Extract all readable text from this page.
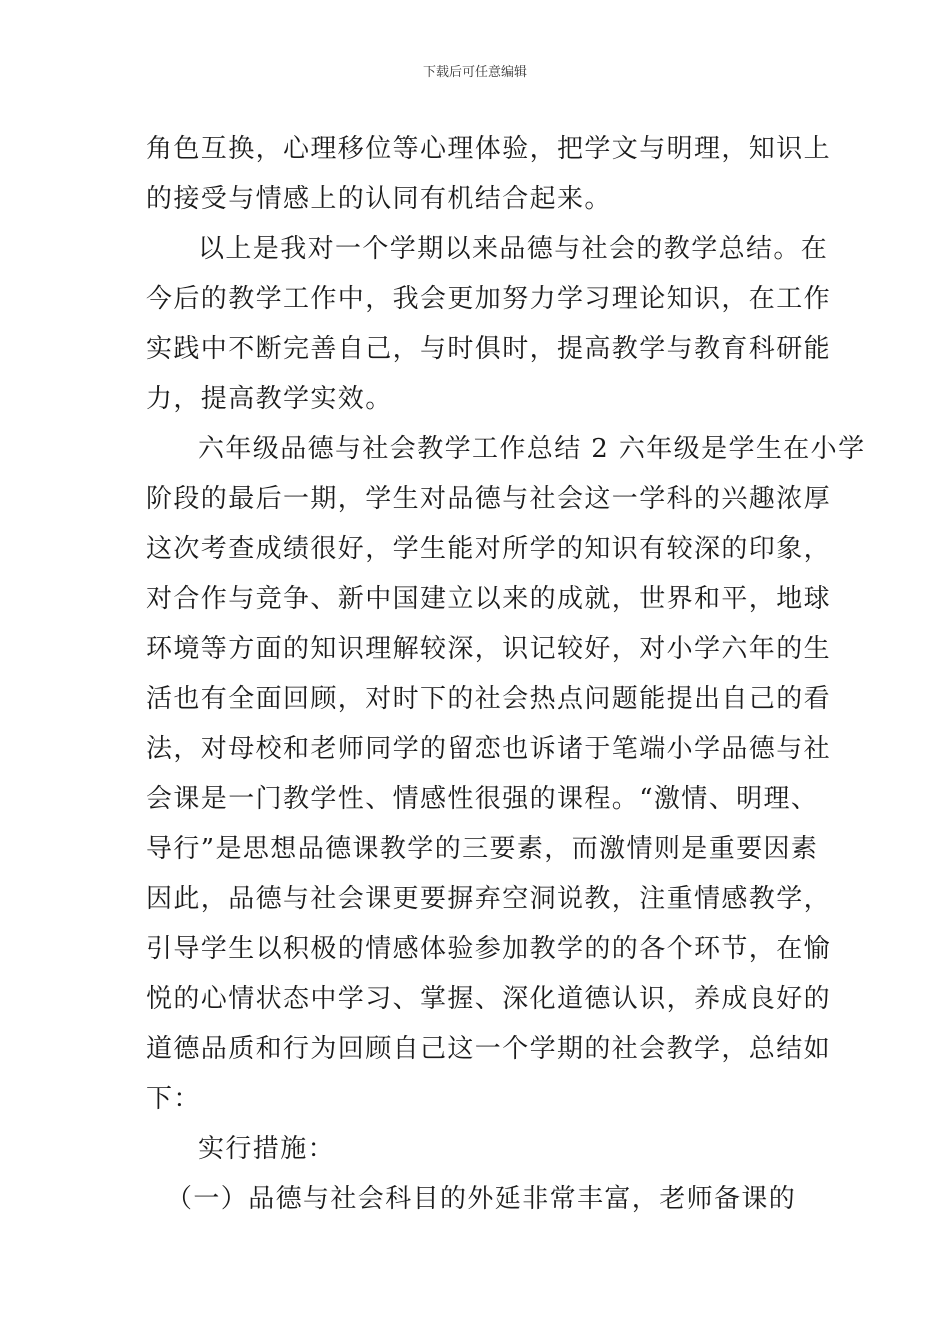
下载后可任意编辑
角色互换，心理移位等心理体验，把学文与明理，知识上
的接受与情感上的认同有机结合起来。
以上是我对一个学期以来品德与社会的教学总结。在
今后的教学工作中，我会更加努力学习理论知识，在工作
实践中不断完善自己，与时俱时，提高教学与教育科研能
力，提高教学实效。
六年级品德与社会教学工作总结 2 六年级是学生在小学
阶段的最后一期，学生对品德与社会这一学科的兴趣浓厚
这次考查成绩很好，学生能对所学的知识有较深的印象，
对合作与竞争、新中国建立以来的成就，世界和平，地球
环境等方面的知识理解较深，识记较好，对小学六年的生
活也有全面回顾，对时下的社会热点问题能提出自己的看
法，对母校和老师同学的留恋也诉诸于笔端小学品德与社
会课是一门教学性、情感性很强的课程。“激情、明理、
导行”是思想品德课教学的三要素，而激情则是重要因素
因此，品德与社会课更要摒弃空洞说教，注重情感教学，
引导学生以积极的情感体验参加教学的的各个环节，在愉
悦的心情状态中学习、掌握、深化道德认识，养成良好的
道德品质和行为回顾自己这一个学期的社会教学，总结如
下：
实行措施：
（一）品德与社会科目的外延非常丰富，老师备课的
